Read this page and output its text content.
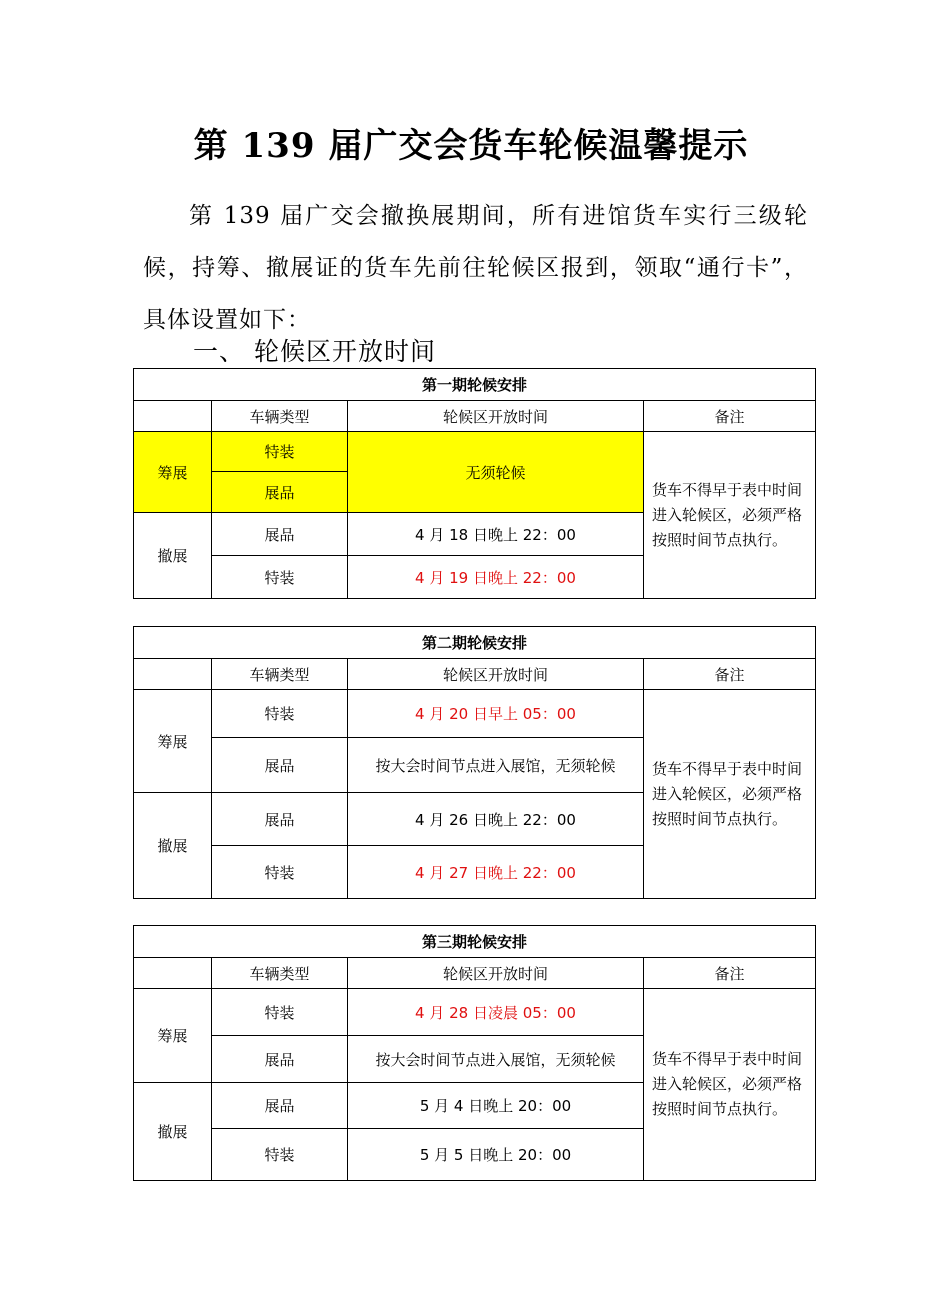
第 139 届广交会货车轮候温馨提示
第 139 届广交会撤换展期间，所有进馆货车实行三级轮候，持筹、撤展证的货车先前往轮候区报到，领取“通行卡”，具体设置如下：
一、 轮候区开放时间
第一期轮候安排			
	车辆类型	轮候区开放时间	备注
筹展	特装	无须轮候	货车不得早于表中时间进入轮候区，必须严格按照时间节点执行。
	展品		
撤展	展品	4 月 18 日晚上 22：00	
	特装	4 月 19 日晚上 22：00	
第二期轮候安排			
	车辆类型	轮候区开放时间	备注
筹展	特装	4 月 20 日早上 05：00	货车不得早于表中时间进入轮候区，必须严格按照时间节点执行。
	展品	按大会时间节点进入展馆，无须轮候	
撤展	展品	4 月 26 日晚上 22：00	
	特装	4 月 27 日晚上 22：00	
第三期轮候安排			
	车辆类型	轮候区开放时间	备注
筹展	特装	4 月 28 日凌晨 05：00	货车不得早于表中时间进入轮候区，必须严格按照时间节点执行。
	展品	按大会时间节点进入展馆，无须轮候	
撤展	展品	5 月 4 日晚上 20：00	
	特装	5 月 5 日晚上 20：00	
